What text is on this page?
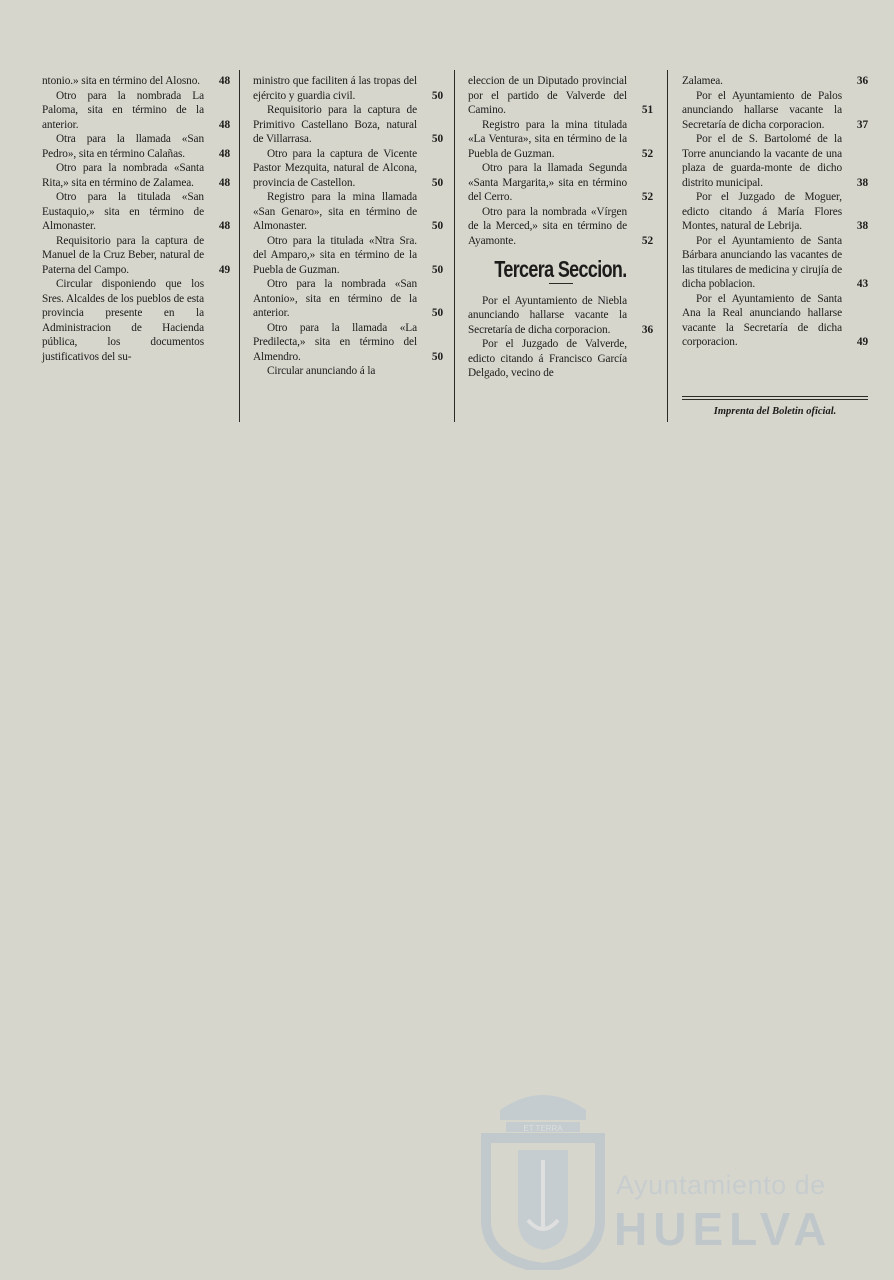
ntonio.» sita en término del Alosno. 48
Otro para la nombrada La Paloma, sita en término de la anterior.	48
Otra para la llamada «San Pedro», sita en término Calañas.	48
Otro para la nombrada «Santa Rita,» sita en término de Zalamea. 48
Otro para la titulada «San Eustaquio,» sita en término de Almonaster.	48
Requisitorio para la captura de Manuel de la Cruz Beber, natural de Paterna del Campo.	49
Circular disponiendo que los Sres. Alcaldes de los pueblos de esta provincia presente en la Administracion de Hacienda pública, los documentos justificativos del su-
ministro que faciliten á las tropas del ejército y guardia civil.	50
Requisitorio para la captura de Primitivo Castellano Boza, natural de Villarrasa.	50
Otro para la captura de Vicente Pastor Mezquita, natural de Alcona, provincia de Castellon.	50
Registro para la mina llamada «San Genaro», sita en término de Almonaster.	50
Otro para la titulada «Ntra Sra. del Amparo,» sita en término de la Puebla de Guzman.	50
Otro para la nombrada «San Antonio», sita en término de la anterior.	50
Otro para la llamada «La Predilecta,» sita en término del Almendro.	50
Circular anunciando á la
eleccion de un Diputado provincial por el partido de Valverde del Camino.	51
Registro para la mina titulada «La Ventura», sita en término de la Puebla de Guzman.	52
Otro para la llamada Segunda «Santa Margarita,» sita en término del Cerro.	52
Otro para la nombrada «Vírgen de la Merced,» sita en término de Ayamonte.	52
Tercera Seccion.
Por el Ayuntamiento de Niebla anunciando hallarse vacante la Secretaría de dicha corporacion.	36
Por el Juzgado de Valverde, edicto citando á Francisco García Delgado, vecino de
Zalamea.	36
Por el Ayuntamiento de Palos anunciando hallarse vacante la Secretaría de dicha corporacion.	37
Por el de S. Bartolomé de la Torre anunciando la vacante de una plaza de guarda-monte de dicho distrito municipal.	38
Por el Juzgado de Moguer, edicto citando á María Flores Montes, natural de Lebrija.	38
Por el Ayuntamiento de Santa Bárbara anunciando las vacantes de las titulares de medicina y cirujía de dicha poblacion.	43
Por el Ayuntamiento de Santa Ana la Real anunciando hallarse vacante la Secretaría de dicha corporacion.	49
Imprenta del Boletin oficial.
ET TERRA
Ayuntamiento de
HUELVA
